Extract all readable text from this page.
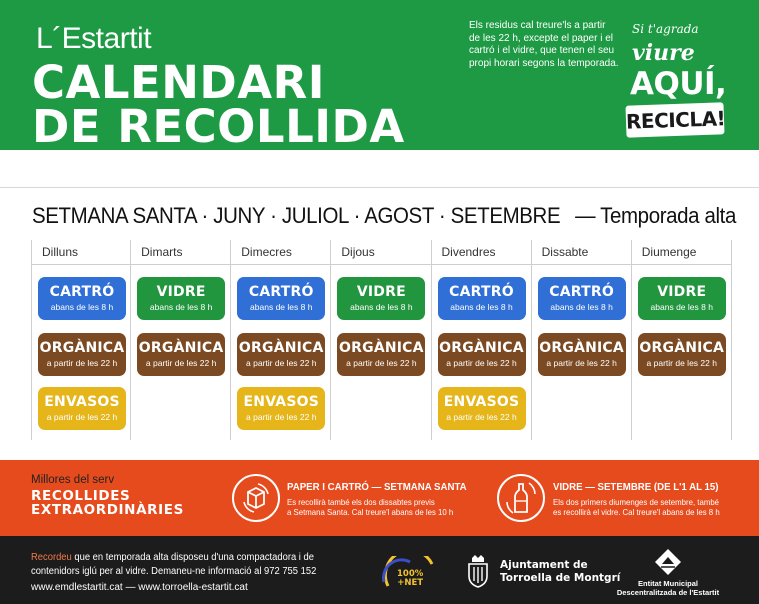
L´Estartit
CALENDARI
DE RECOLLIDA
Els residus cal treure'ls a partir de les 22 h, excepte el paper i el cartró i el vidre, que tenen el seu propi horari segons la temporada.
Si t'agrada
viure
AQUÍ,
RECICLA!
SETMANA SANTA · JUNY · JULIOL · AGOST · SETEMBRE — Temporada alta
Dilluns
CARTRÓ
abans de les 8 h
ORGÀNICA
a partir de les 22 h
ENVASOS
a partir de les 22 h
Dimarts
VIDRE
abans de les 8 h
ORGÀNICA
a partir de les 22 h
Dimecres
CARTRÓ
abans de les 8 h
ORGÀNICA
a partir de les 22 h
ENVASOS
a partir de les 22 h
Dijous
VIDRE
abans de les 8 h
ORGÀNICA
a partir de les 22 h
Divendres
CARTRÓ
abans de les 8 h
ORGÀNICA
a partir de les 22 h
ENVASOS
a partir de les 22 h
Dissabte
CARTRÓ
abans de les 8 h
ORGÀNICA
a partir de les 22 h
Diumenge
VIDRE
abans de les 8 h
ORGÀNICA
a partir de les 22 h
Millores del serv
RECOLLIDES
EXTRAORDINÀRIES
PAPER I CARTRÓ — SETMANA SANTA
Es recollirà també els dos dissabtes previs
a Setmana Santa. Cal treure'l abans de les 10 h
VIDRE — SETEMBRE (DE L'1 AL 15)
Els dos primers diumenges de setembre, també
es recollirà el vidre. Cal treure'l abans de les 8 h
Recordeu que en temporada alta disposeu d'una compactadora i de
contenidors iglú per al vidre. Demaneu-ne informació al 972 755 152
www.emdlestartit.cat — www.torroella-estartit.cat
100%
+NET
Ajuntament de
Torroella de Montgrí	Entitat Municipal
Descentralitzada de l'Estartit
